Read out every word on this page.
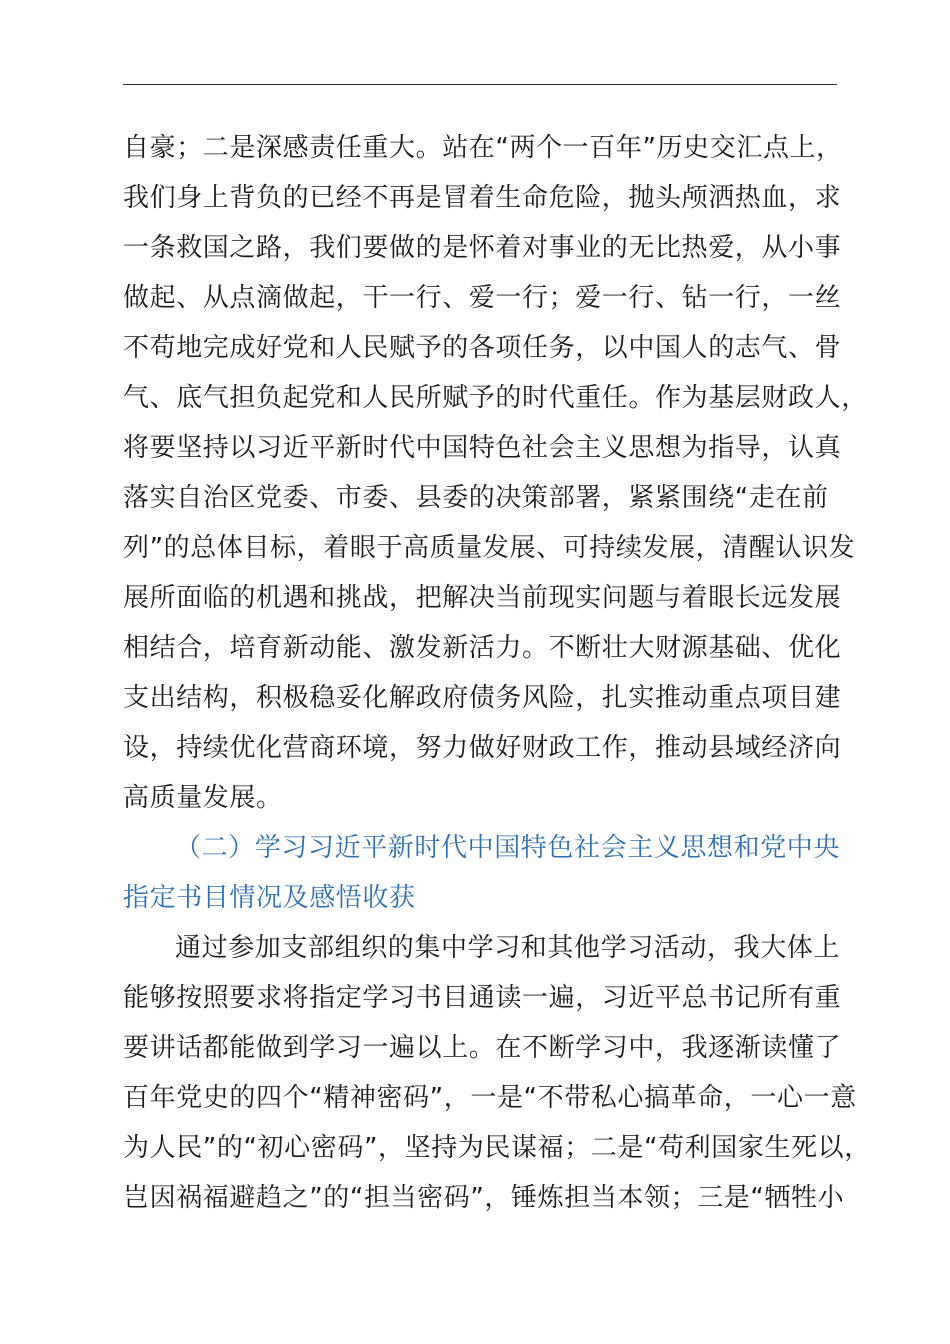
自豪；二是深感责任重大。站在“两个一百年”历史交汇点上，
我们身上背负的已经不再是冒着生命危险，抛头颅洒热血，求
一条救国之路，我们要做的是怀着对事业的无比热爱，从小事
做起、从点滴做起，干一行、爱一行；爱一行、钻一行，一丝
不苟地完成好党和人民赋予的各项任务，以中国人的志气、骨
气、底气担负起党和人民所赋予的时代重任。作为基层财政人，
将要坚持以习近平新时代中国特色社会主义思想为指导，认真
落实自治区党委、市委、县委的决策部署，紧紧围绕“走在前
列”的总体目标，着眼于高质量发展、可持续发展，清醒认识发
展所面临的机遇和挑战，把解决当前现实问题与着眼长远发展
相结合，培育新动能、激发新活力。不断壮大财源基础、优化
支出结构，积极稳妥化解政府债务风险，扎实推动重点项目建
设，持续优化营商环境，努力做好财政工作，推动县域经济向
高质量发展。
（二）学习习近平新时代中国特色社会主义思想和党中央
指定书目情况及感悟收获
通过参加支部组织的集中学习和其他学习活动，我大体上
能够按照要求将指定学习书目通读一遍，习近平总书记所有重
要讲话都能做到学习一遍以上。在不断学习中，我逐渐读懂了
百年党史的四个“精神密码”，一是“不带私心搞革命，一心一意
为人民”的“初心密码”，坚持为民谋福；二是“苟利国家生死以，
岂因祸福避趋之”的“担当密码”，锤炼担当本领；三是“牺牲小
